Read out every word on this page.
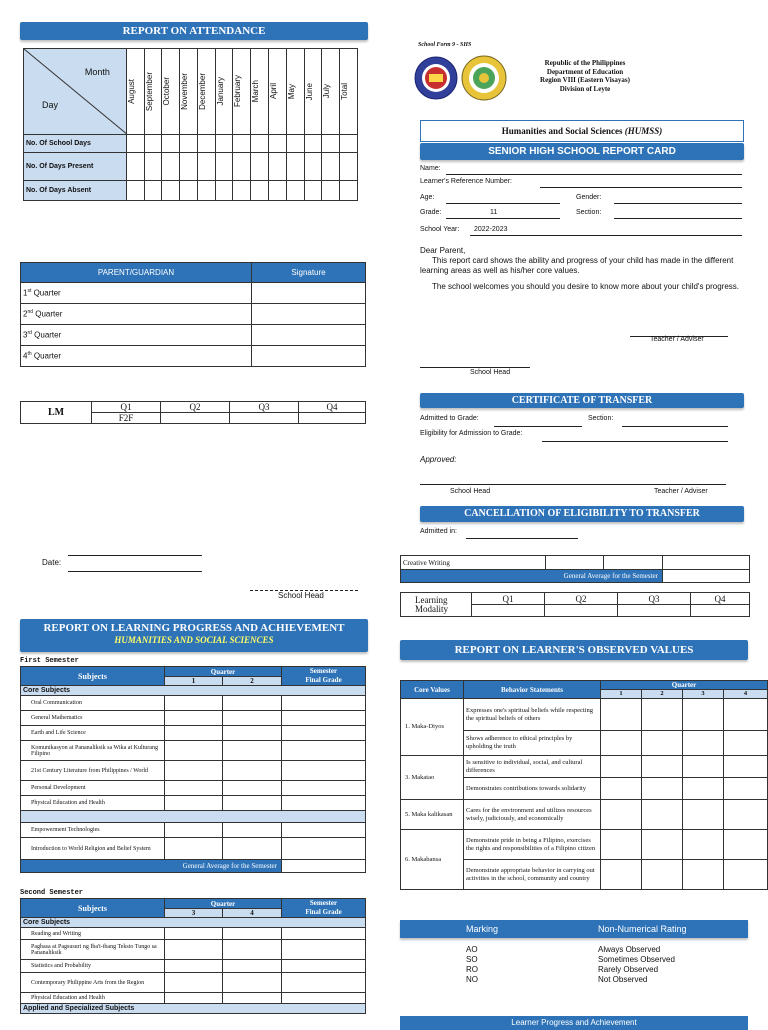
REPORT ON ATTENDANCE
Month
Day	August	September	October	November	December	January	February	March	April	May	June	July	Total

No. Of School Days													
No. Of Days Present													
No. Of Days Absent													
PARENT/GUARDIAN	Signature
1st Quarter	
2nd Quarter	
3rd Quarter	
4th Quarter	
LM	Q1	Q2	Q3	Q4
	F2F			
Date:
School Head
REPORT ON LEARNING PROGRESS AND ACHIEVEMENT
HUMANITIES AND SOCIAL SCIENCES
First Semester
Subjects	Quarter		Semester
Final Grade
	1	2	
Core Subjects			
Oral Communication			
General Mathematics			
Earth and Life Science			
Komunikasyon at Pananaliksik sa Wika at Kulturang Filipino			
21st Century Literature from Philippines / World			
Personal Development			
Physical Education and Health			

Empowerment Technologies			
Introduction to World Religion and Belief System			
General Average for the Semester			
Second Semester
Subjects	Quarter		Semester
Final Grade
	3	4	
Core Subjects			
Reading and Writing			
Pagbasa at Pagsusuri ng Iba't-ibang Teksto Tungo sa Pananaliksik			
Statistics and Probability			
Contemporary Philippine Arts from the Region			
Physical Education and Health			
Applied and Specialized Subjects			
School Form 9 - SHS
Republic of the Philippines
Department of Education
Region VIII (Eastern Visayas)
Division of Leyte
Humanities and Social Sciences (HUMSS)
SENIOR HIGH SCHOOL REPORT CARD
Name:
Learner's Reference Number:
Age:	Gender:
Grade:	11	Section:
School Year: 2022-2023
Dear Parent,
This report card shows the ability and progress of your child has made in the different learning areas as well as his/her core values.
The school welcomes you should you desire to know more about your child's progress.
Teacher / Adviser
School Head
CERTIFICATE OF TRANSFER
Admitted to Grade:	Section:
Eligibility for Admission to Grade:
Approved:
School Head	Teacher / Adviser
CANCELLATION OF ELIGIBILITY TO TRANSFER
Admitted in:
Creative Writing			
General Average for the Semester			
Learning Modality	Q1	Q2	Q3	Q4

REPORT ON LEARNER'S OBSERVED VALUES
Core Values	Behavior Statements	Quarter			
		1	2	3	4
1. Maka-Diyos	Expresses one's spiritual beliefs while respecting the spiritual beliefs of others				
	Shows adherence to ethical principles by upholding the truth				
3. Makatao	Is sensitive to individual, social, and cultural differences				
	Demonstrates contributions towards solidarity				
5. Maka kalikasan	Cares for the environment and utilizes resources wisely, judiciously, and economically				
6. Makabansa	Demonstrate pride in being a Filipino, exercises the rights and responsibilities of a Filipino citizen				
	Demonstrate appropriate behavior in carrying out activities in the school, community and country				
Marking	Non-Numerical Rating
AO	Always Observed
SO	Sometimes Observed
RO	Rarely Observed
NO	Not Observed
Learner Progress and Achievement
